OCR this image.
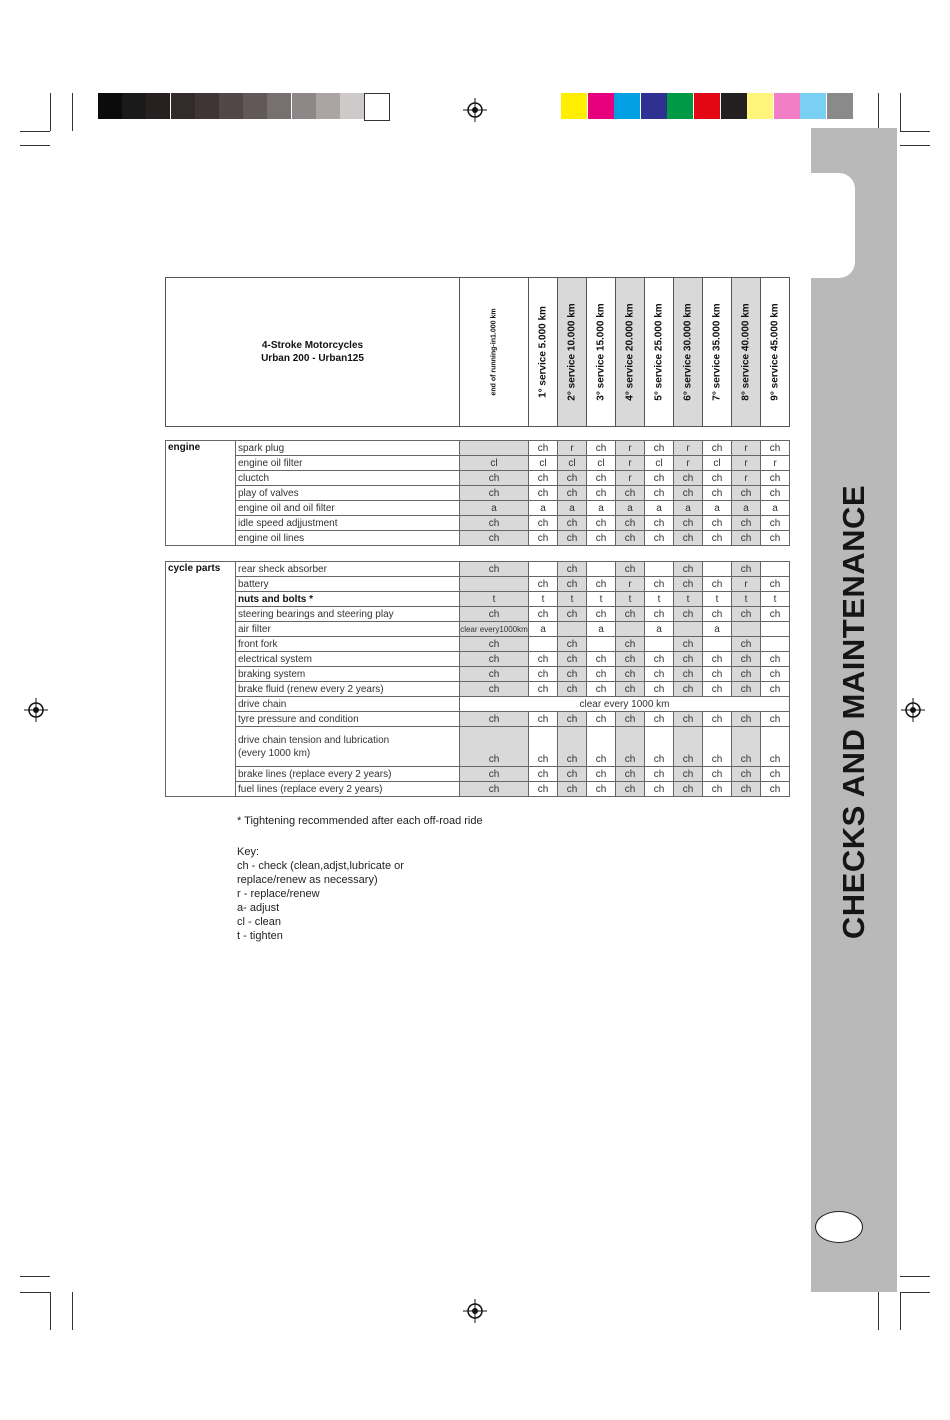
CHECKS AND MAINTENANCE
4-Stroke Motorcycles
Urban 200 - Urban125	end of running-in1.000 km	1° service 5.000 km	2° service 10.000 km	3° service 15.000 km	4° service 20.000 km	5° service 25.000 km	6° service 30.000 km	7° service 35.000 km	8° service 40.000 km	9° service 45.000 km
engine	spark plug		ch	r	ch	r	ch	r	ch	r	ch
	engine oil filter	cl	cl	cl	cl	r	cl	r	cl	r	r
	cluctch	ch	ch	ch	ch	r	ch	ch	ch	r	ch
	play of valves	ch	ch	ch	ch	ch	ch	ch	ch	ch	ch
	engine oil and oil filter	a	a	a	a	a	a	a	a	a	a
	idle speed adjjustment	ch	ch	ch	ch	ch	ch	ch	ch	ch	ch
	engine oil lines	ch	ch	ch	ch	ch	ch	ch	ch	ch	ch
cycle parts	rear sheck absorber	ch		ch		ch		ch		ch	
	battery		ch	ch	ch	r	ch	ch	ch	r	ch
	nuts and bolts *	t	t	t	t	t	t	t	t	t	t
	steering bearings and steering play	ch	ch	ch	ch	ch	ch	ch	ch	ch	ch
	air filter	clear every1000km	a		a		a		a		
	front fork	ch		ch		ch		ch		ch	
	electrical system	ch	ch	ch	ch	ch	ch	ch	ch	ch	ch
	braking system	ch	ch	ch	ch	ch	ch	ch	ch	ch	ch
	brake fluid (renew every 2 years)	ch	ch	ch	ch	ch	ch	ch	ch	ch	ch
	drive chain	clear every 1000 km									
	tyre pressure and condition	ch	ch	ch	ch	ch	ch	ch	ch	ch	ch

	drive chain tension and lubrication
(every 1000 km)	ch	ch	ch	ch	ch	ch	ch	ch	ch	ch
	brake lines (replace every 2 years)	ch	ch	ch	ch	ch	ch	ch	ch	ch	ch
	fuel lines (replace every 2 years)	ch	ch	ch	ch	ch	ch	ch	ch	ch	ch
* Tightening recommended after each off-road ride
Key:
ch - check (clean,adjst,lubricate or
replace/renew as necessary)
r - replace/renew
a- adjust
cl - clean
t - tighten
